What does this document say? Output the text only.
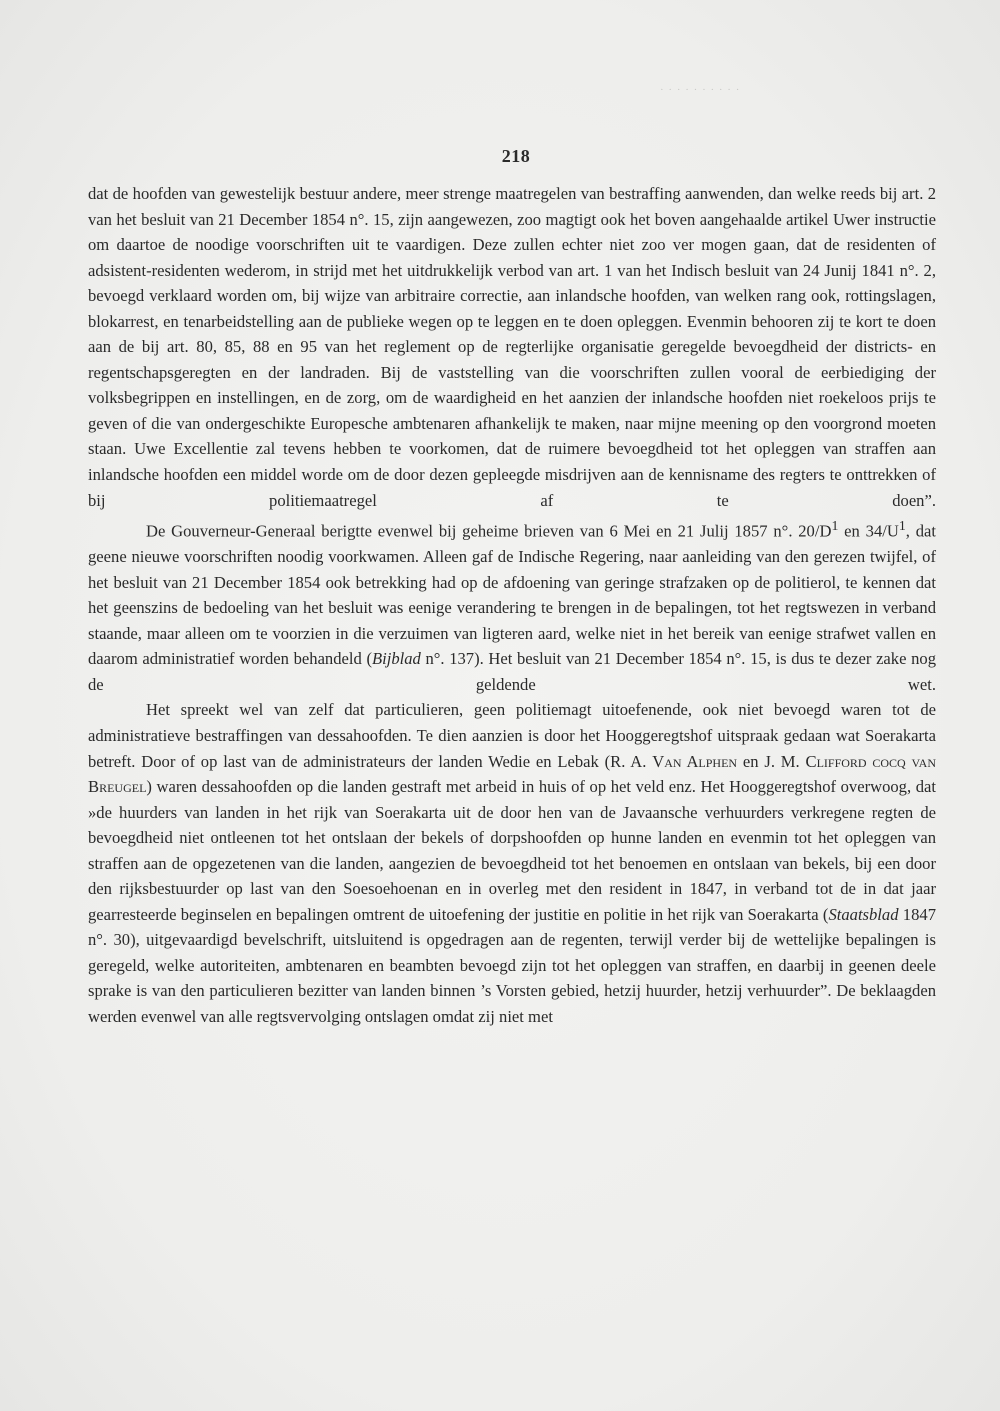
· · · · · · · · · ·
218

dat de hoofden van gewestelijk bestuur andere, meer strenge maatregelen van bestraffing aanwenden, dan welke reeds bij art. 2 van het besluit van 21 December 1854 n°. 15, zijn aangewezen, zoo magtigt ook het boven aangehaalde artikel Uwer instructie om daartoe de noodige voorschriften uit te vaardigen. Deze zullen echter niet zoo ver mogen gaan, dat de residenten of adsistent-residenten wederom, in strijd met het uitdrukkelijk verbod van art. 1 van het Indisch besluit van 24 Junij 1841 n°. 2, bevoegd verklaard worden om, bij wijze van arbitraire correctie, aan inlandsche hoofden, van welken rang ook, rottingslagen, blokarrest, en tenarbeidstelling aan de publieke wegen op te leggen en te doen opleggen. Evenmin behooren zij te kort te doen aan de bij art. 80, 85, 88 en 95 van het reglement op de regterlijke organisatie geregelde bevoegdheid der districts- en regentschapsgeregten en der landraden. Bij de vaststelling van die voorschriften zullen vooral de eerbiediging der volksbegrippen en instellingen, en de zorg, om de waardigheid en het aanzien der inlandsche hoofden niet roekeloos prijs te geven of die van ondergeschikte Europesche ambtenaren afhankelijk te maken, naar mijne meening op den voorgrond moeten staan. Uwe Excellentie zal tevens hebben te voorkomen, dat de ruimere bevoegdheid tot het opleggen van straffen aan inlandsche hoofden een middel worde om de door dezen gepleegde misdrijven aan de kennisname des regters te onttrekken of bij politiemaatregel af te doen”.

De Gouverneur-Generaal berigtte evenwel bij geheime brieven van 6 Mei en 21 Julij 1857 n°. $20/D^1$ en $34/U^1$, dat geene nieuwe voorschriften noodig voorkwamen. Alleen gaf de Indische Regering, naar aanleiding van den gerezen twijfel, of het besluit van 21 December 1854 ook betrekking had op de afdoening van geringe strafzaken op de politierol, te kennen dat het geenszins de bedoeling van het besluit was eenige verandering te brengen in de bepalingen, tot het regtswezen in verband staande, maar alleen om te voorzien in die verzuimen van ligteren aard, welke niet in het bereik van eenige strafwet vallen en daarom administratief worden behandeld (Bijblad n°. 137). Het besluit van 21 December 1854 n°. 15, is dus te dezer zake nog de geldende wet.

Het spreekt wel van zelf dat particulieren, geen politiemagt uitoefenende, ook niet bevoegd waren tot de administratieve bestraffingen van dessahoofden. Te dien aanzien is door het Hooggeregtshof uitspraak gedaan wat Soerakarta betreft. Door of op last van de administrateurs der landen Wedie en Lebak (R. A. Van Alphen en J. M. Clifford cocq van Breugel) waren dessahoofden op die landen gestraft met arbeid in huis of op het veld enz. Het Hooggeregtshof overwoog, dat »de huurders van landen in het rijk van Soerakarta uit de door hen van de Javaansche verhuurders verkregene regten de bevoegdheid niet ontleenen tot het ontslaan der bekels of dorpshoofden op hunne landen en evenmin tot het opleggen van straffen aan de opgezetenen van die landen, aangezien de bevoegdheid tot het benoemen en ontslaan van bekels, bij een door den rijksbestuurder op last van den Soesoehoenan en in overleg met den resident in 1847, in verband tot de in dat jaar gearresteerde beginselen en bepalingen omtrent de uitoefening der justitie en politie in het rijk van Soerakarta (Staatsblad 1847 n°. 30), uitgevaardigd bevelschrift, uitsluitend is opgedragen aan de regenten, terwijl verder bij de wettelijke bepalingen is geregeld, welke autoriteiten, ambtenaren en beambten bevoegd zijn tot het opleggen van straffen, en daarbij in geenen deele sprake is van den particulieren bezitter van landen binnen ’s Vorsten gebied, hetzij huurder, hetzij verhuurder”. De beklaagden werden evenwel van alle regtsvervolging ontslagen omdat zij niet met
